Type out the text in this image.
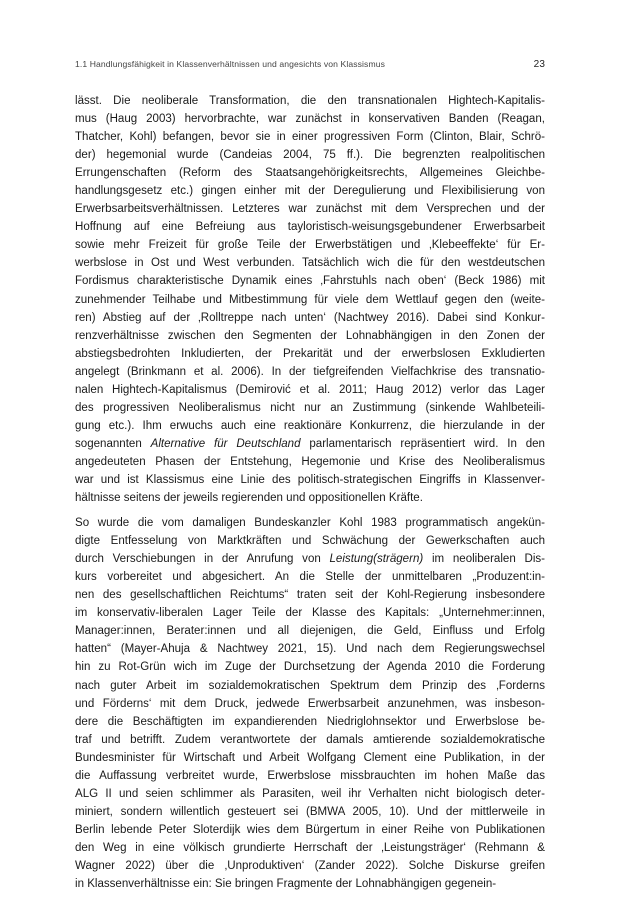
1.1 Handlungsfähigkeit in Klassenverhältnissen und angesichts von Klassismus	23
lässt. Die neoliberale Transformation, die den transnationalen Hightech-Kapitalis-
mus (Haug 2003) hervorbrachte, war zunächst in konservativen Banden (Reagan,
Thatcher, Kohl) befangen, bevor sie in einer progressiven Form (Clinton, Blair, Schrö-
der) hegemonial wurde (Candeias 2004, 75 ff.). Die begrenzten realpolitischen
Errungenschaften (Reform des Staatsangehörigkeitsrechts, Allgemeines Gleichbe-
handlungsgesetz etc.) gingen einher mit der Deregulierung und Flexibilisierung von
Erwerbsarbeitsverhältnissen. Letzteres war zunächst mit dem Versprechen und der
Hoffnung auf eine Befreiung aus tayloristisch-weisungsgebundener Erwerbsarbeit
sowie mehr Freizeit für große Teile der Erwerbstätigen und ‚Klebeeffekte‘ für Er-
werbslose in Ost und West verbunden. Tatsächlich wich die für den westdeutschen
Fordismus charakteristische Dynamik eines ‚Fahrstuhls nach oben‘ (Beck 1986) mit
zunehmender Teilhabe und Mitbestimmung für viele dem Wettlauf gegen den (weite-
ren) Abstieg auf der ‚Rolltreppe nach unten‘ (Nachtwey 2016). Dabei sind Konkur-
renzverhältnisse zwischen den Segmenten der Lohnabhängigen in den Zonen der
abstiegsbedrohten Inkludierten, der Prekarität und der erwerbslosen Exkludierten
angelegt (Brinkmann et al. 2006). In der tiefgreifenden Vielfachkrise des transnatio-
nalen Hightech-Kapitalismus (Demirović et al. 2011; Haug 2012) verlor das Lager
des progressiven Neoliberalismus nicht nur an Zustimmung (sinkende Wahlbeteili-
gung etc.). Ihm erwuchs auch eine reaktionäre Konkurrenz, die hierzulande in der
sogenannten Alternative für Deutschland parlamentarisch repräsentiert wird. In den
angedeuteten Phasen der Entstehung, Hegemonie und Krise des Neoliberalismus
war und ist Klassismus eine Linie des politisch-strategischen Eingriffs in Klassenver-
hältnisse seitens der jeweils regierenden und oppositionellen Kräfte.
So wurde die vom damaligen Bundeskanzler Kohl 1983 programmatisch angekün-
digte Entfesselung von Marktkräften und Schwächung der Gewerkschaften auch
durch Verschiebungen in der Anrufung von Leistung(strägern) im neoliberalen Dis-
kurs vorbereitet und abgesichert. An die Stelle der unmittelbaren „Produzent:in-
nen des gesellschaftlichen Reichtums“ traten seit der Kohl-Regierung insbesondere
im konservativ-liberalen Lager Teile der Klasse des Kapitals: „Unternehmer:innen,
Manager:innen, Berater:innen und all diejenigen, die Geld, Einfluss und Erfolg
hatten“ (Mayer-Ahuja & Nachtwey 2021, 15). Und nach dem Regierungswechsel
hin zu Rot-Grün wich im Zuge der Durchsetzung der Agenda 2010 die Forderung
nach guter Arbeit im sozialdemokratischen Spektrum dem Prinzip des ‚Forderns
und Förderns‘ mit dem Druck, jedwede Erwerbsarbeit anzunehmen, was insbeson-
dere die Beschäftigten im expandierenden Niedriglohnsektor und Erwerbslose be-
traf und betrifft. Zudem verantwortete der damals amtierende sozialdemokratische
Bundesminister für Wirtschaft und Arbeit Wolfgang Clement eine Publikation, in der
die Auffassung verbreitet wurde, Erwerbslose missbrauchten im hohen Maße das
ALG II und seien schlimmer als Parasiten, weil ihr Verhalten nicht biologisch deter-
miniert, sondern willentlich gesteuert sei (BMWA 2005, 10). Und der mittlerweile in
Berlin lebende Peter Sloterdijk wies dem Bürgertum in einer Reihe von Publikationen
den Weg in eine völkisch grundierte Herrschaft der ‚Leistungsträger‘ (Rehmann &
Wagner 2022) über die ‚Unproduktiven‘ (Zander 2022). Solche Diskurse greifen
in Klassenverhältnisse ein: Sie bringen Fragmente der Lohnabhängigen gegenein-
